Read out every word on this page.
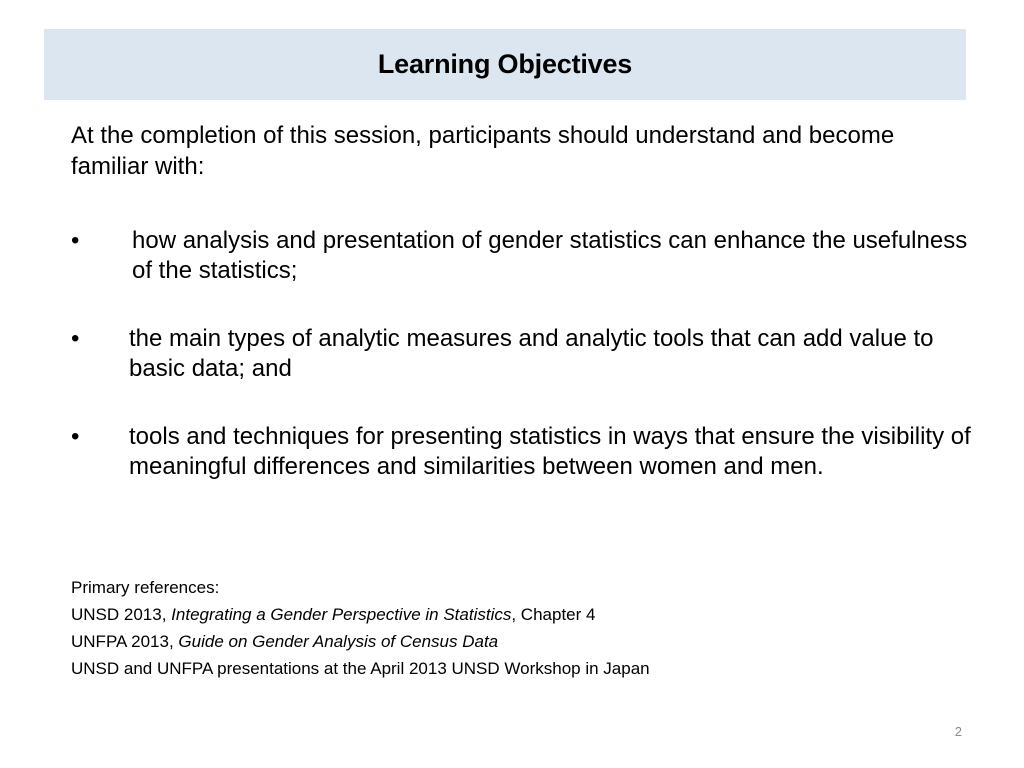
Learning Objectives

At the completion of this session, participants should understand and become familiar with:

• how analysis and presentation of gender statistics can enhance the usefulness of the statistics;
• the main types of analytic measures and analytic tools that can add value to basic data; and
• tools and techniques for presenting statistics in ways that ensure the visibility of meaningful differences and similarities between women and men.
Primary references:
UNSD 2013, Integrating a Gender Perspective in Statistics, Chapter 4
UNFPA 2013, Guide on Gender Analysis of Census Data
UNSD and UNFPA presentations at the April 2013 UNSD Workshop in Japan
2
